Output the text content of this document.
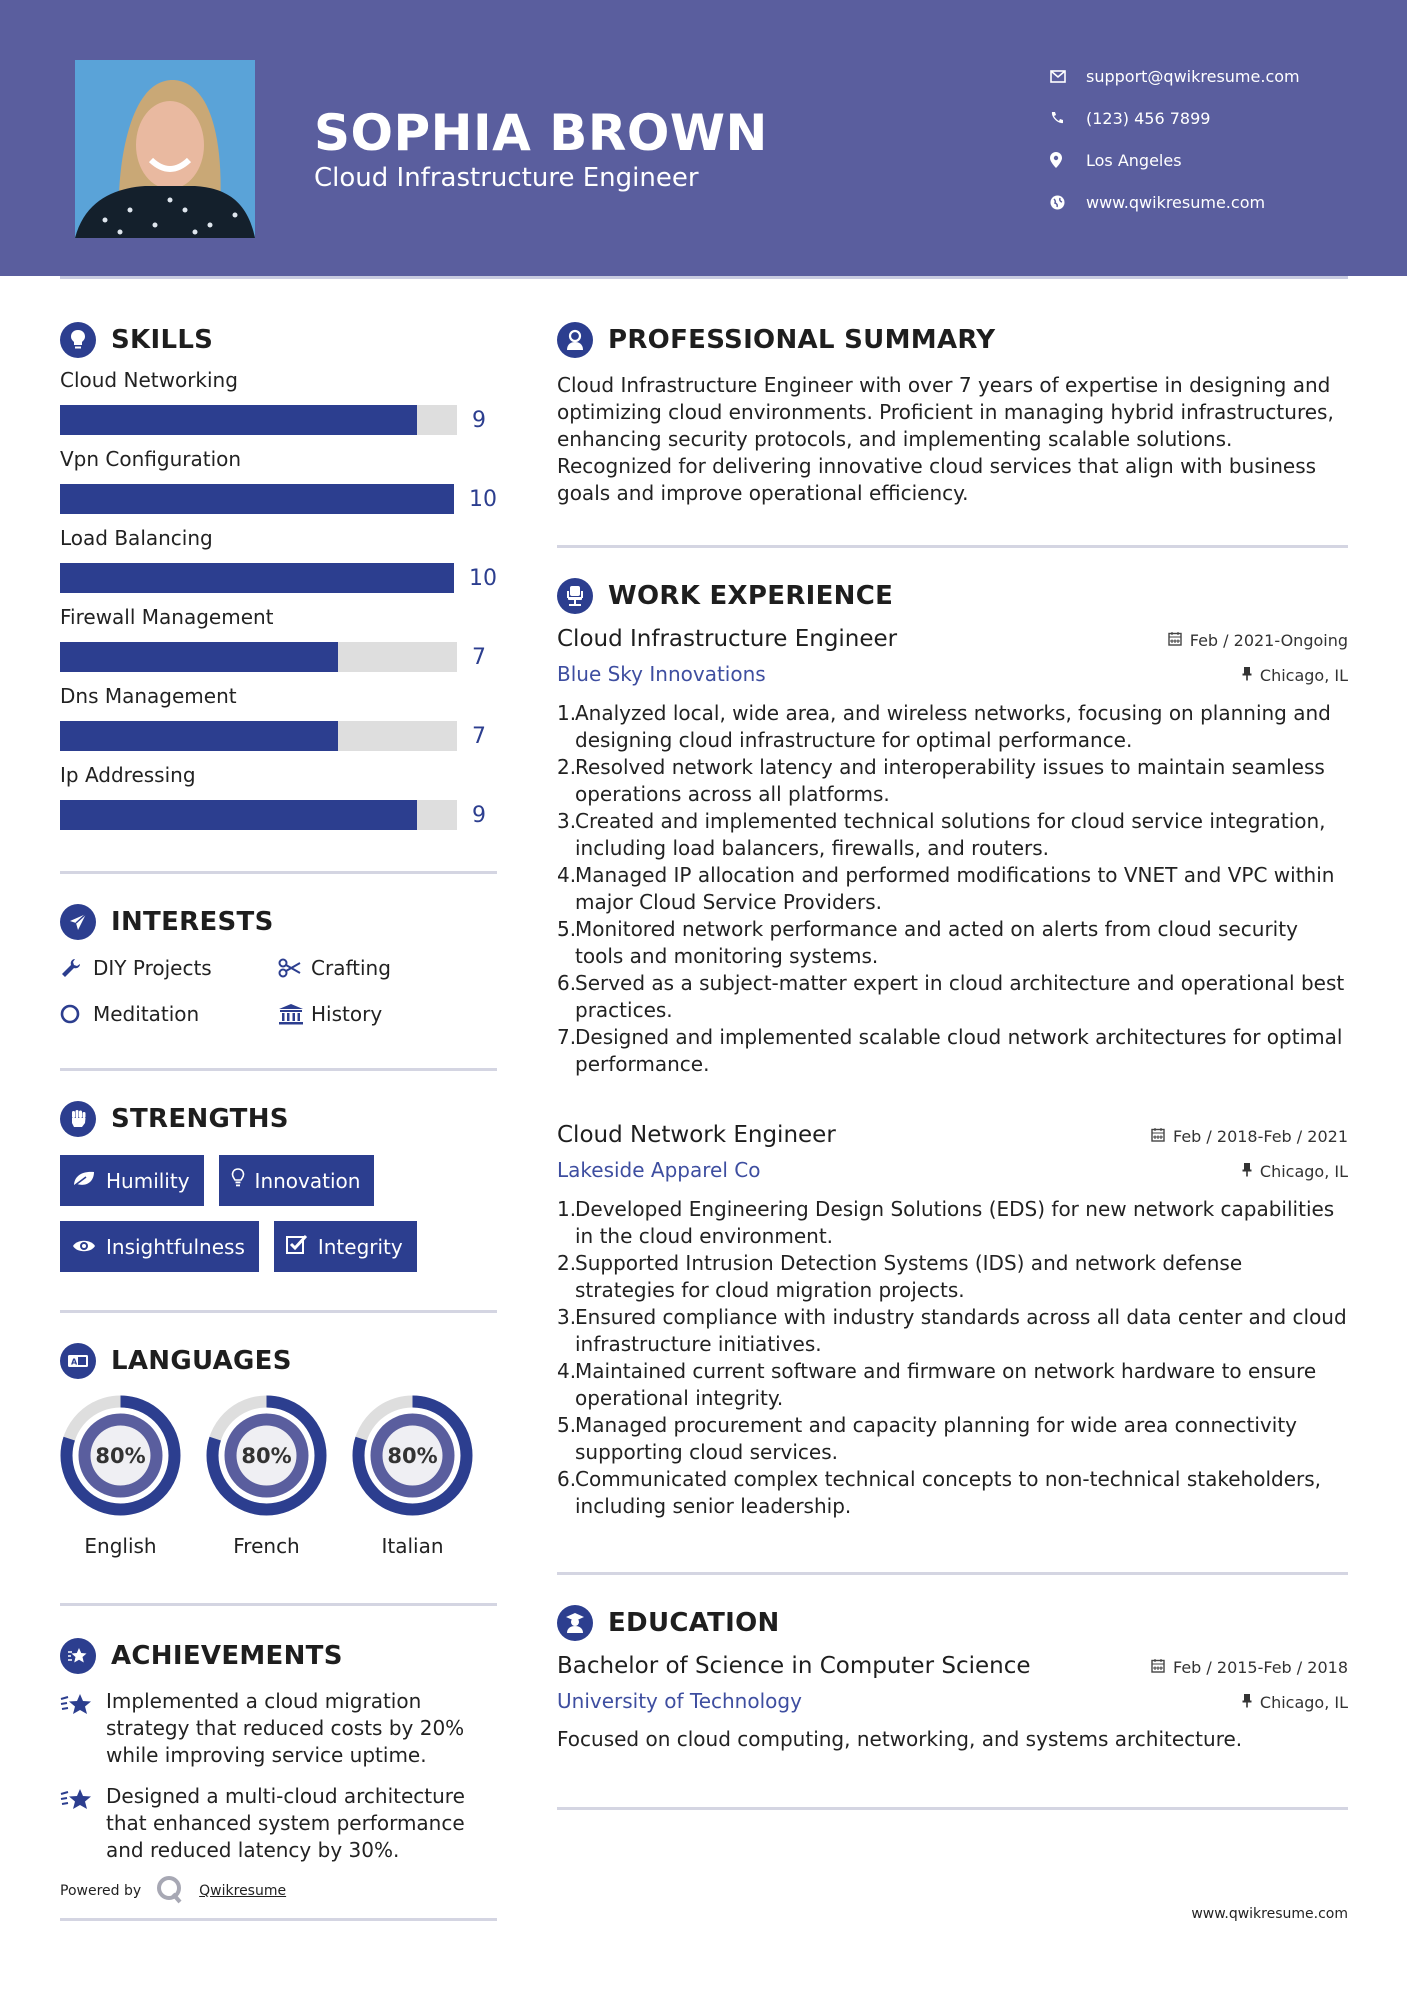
SOPHIA BROWN
Cloud Infrastructure Engineer
support@qwikresume.com
(123) 456 7899
Los Angeles
www.qwikresume.com
SKILLS
Cloud Networking
9
Vpn Configuration
10
Load Balancing
10
Firewall Management
7
Dns Management
7
Ip Addressing
9
INTERESTS
DIY Projects	Crafting
Meditation	History
STRENGTHS
Humility	Innovation
Insightfulness	Integrity
A LANGUAGES
80%
English
80%
French
80%
Italian
ACHIEVEMENTS
Implemented a cloud migration strategy that reduced costs by 20% while improving service uptime.
Designed a multi-cloud architecture that enhanced system performance and reduced latency by 30%.
Powered by	Qwikresume
PROFESSIONAL SUMMARY

Cloud Infrastructure Engineer with over 7 years of expertise in designing and optimizing cloud environments. Proficient in managing hybrid infrastructures, enhancing security protocols, and implementing scalable solutions. Recognized for delivering innovative cloud services that align with business goals and improve operational efficiency.

WORK EXPERIENCE
Cloud Infrastructure Engineer	Feb / 2021-Ongoing
Blue Sky Innovations	Chicago, IL
1.
Analyzed local, wide area, and wireless networks, focusing on planning and designing cloud infrastructure for optimal performance.
2.
Resolved network latency and interoperability issues to maintain seamless operations across all platforms.
3.
Created and implemented technical solutions for cloud service integration, including load balancers, firewalls, and routers.
4.
Managed IP allocation and performed modifications to VNET and VPC within major Cloud Service Providers.
5.
Monitored network performance and acted on alerts from cloud security tools and monitoring systems.
6.
Served as a subject-matter expert in cloud architecture and operational best practices.
7.
Designed and implemented scalable cloud network architectures for optimal performance.
Cloud Network Engineer	Feb / 2018-Feb / 2021
Lakeside Apparel Co	Chicago, IL
1.
Developed Engineering Design Solutions (EDS) for new network capabilities in the cloud environment.
2.
Supported Intrusion Detection Systems (IDS) and network defense strategies for cloud migration projects.
3.
Ensured compliance with industry standards across all data center and cloud infrastructure initiatives.
4.
Maintained current software and firmware on network hardware to ensure operational integrity.
5.
Managed procurement and capacity planning for wide area connectivity supporting cloud services.
6.
Communicated complex technical concepts to non-technical stakeholders, including senior leadership.
EDUCATION
Bachelor of Science in Computer Science	Feb / 2015-Feb / 2018
University of Technology	Chicago, IL

Focused on cloud computing, networking, and systems architecture.

www.qwikresume.com
